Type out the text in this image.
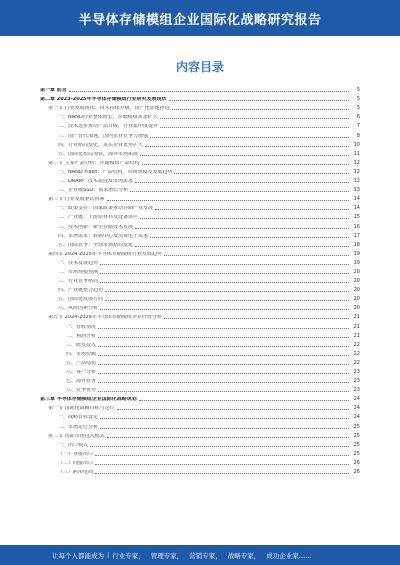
半导体存储模组企业国际化战略研究报告
内容目录
第一章 前言	5
第二章 2023-2025年半导体存储模组行业研究发展现状	5
第一节 行业发展现状：技术持续升级，国产化加速推进	5
一、NAND行业整体增长，存储模组需求扩大	6
二、技术进步推动产品升级，行业集中度提升	7
三、国产替代加速，国内企业竞争力增强	8
四、行业格局变化，龙头企业优势扩大	10
五、国际化布局加快，海外市场拓展	11
第二节 主要产品分析：存储模组产品结构	12
一、NAND Flash：产品结构、市场规模及发展趋势	12
二、DRAM：技术演进及市场需求	12
三、企业级SSD：需求增长分析	13
第三节 行业发展驱动因素	14
一、政策支持：国家政策推动存储产业发展	14
二、产业链：上游原材料及设备供应	15
三、技术创新：新型存储技术发展	16
四、市场需求：数据中心及消费电子需求	17
五、国际竞争：全球市场格局变化	18
第四节 2024-2025年半导体存储模组行业发展趋势	19
一、技术发展趋势	19
二、市场规模预测	20
三、行业竞争格局	20
四、产业链整合趋势	20
五、国际化发展方向	20
六、风险因素分析	20
第五节 2024-2025年半导体存储模组企业经营分析	21
一、营收情况	21
二、利润分析	21
三、研发投入	22
四、市场份额	22
五、产品结构	22
六、客户分析	23
七、海外业务	23
八、竞争优势	23
第三章 半导体存储模组企业国际化战略规划	24
第一节 国际化战略目标与定位	24
一、战略目标设定	24
二、市场定位分析	25
第二节 国际市场进入模式	25
一、出口模式	25
（一）直接出口	25
（二）间接出口	26
（三）跨境电商	26
让每个人都能成为 | 行业专家， 管理专家， 营销专家， 战略专家， 成功企业家……
